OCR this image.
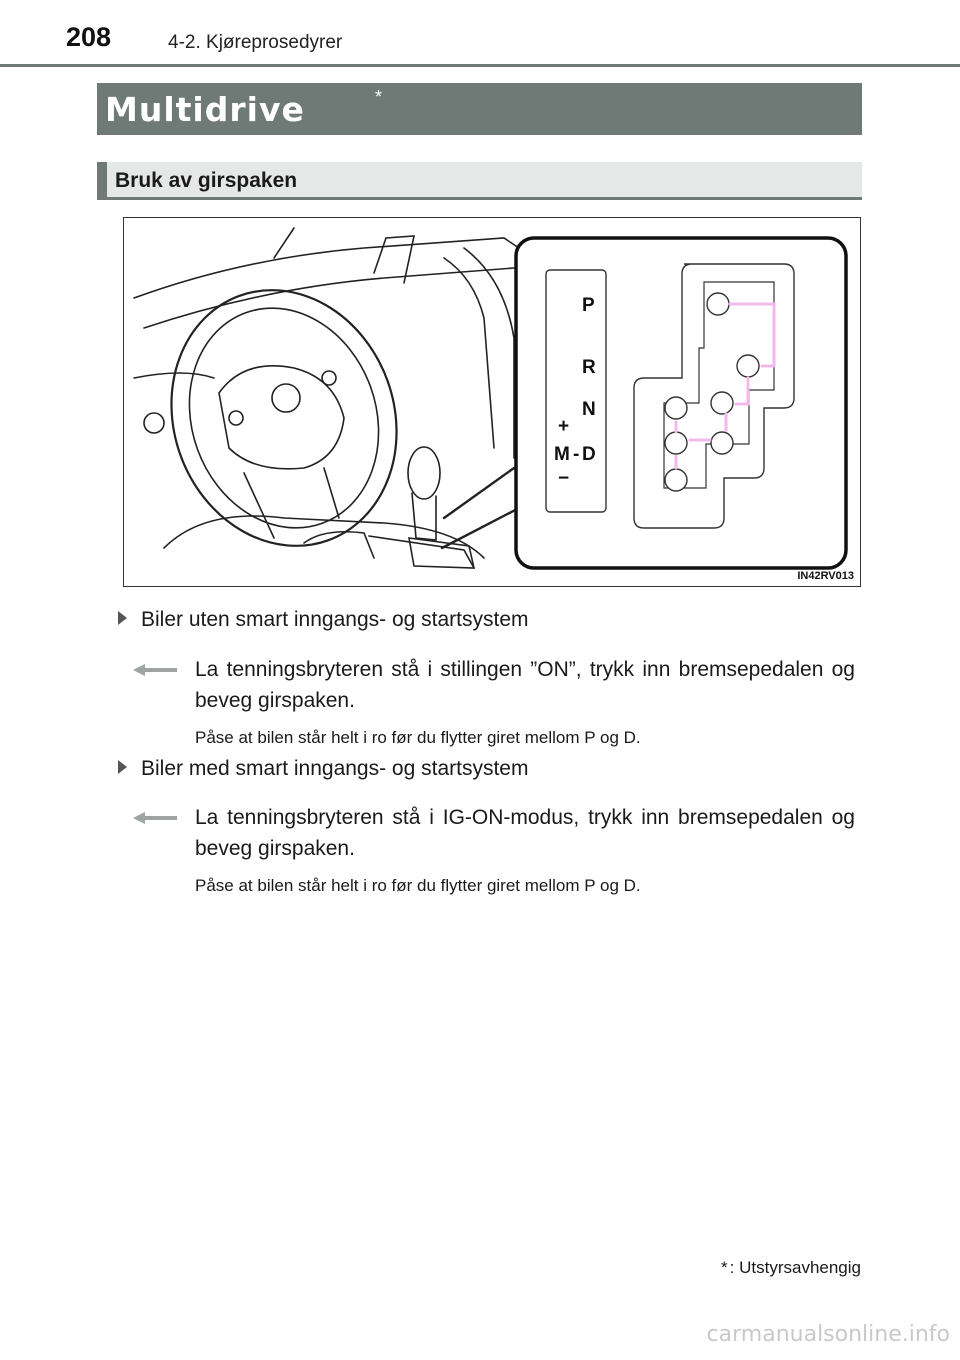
208	4-2. Kjøreprosedyrer
Multidrive	*
Bruk av girspaken
P
R
N
+
M - D
−
IN42RV013
Biler uten smart inngangs- og startsystem
La tenningsbryteren stå i stillingen ”ON”, trykk inn bremsepedalen og beveg girspaken.
Påse at bilen står helt i ro før du flytter giret mellom P og D.
Biler med smart inngangs- og startsystem
La tenningsbryteren stå i IG-ON-modus, trykk inn bremsepedalen og beveg girspaken.
Påse at bilen står helt i ro før du flytter giret mellom P og D.
* : Utstyrsavhengig
carmanualsonline.info
